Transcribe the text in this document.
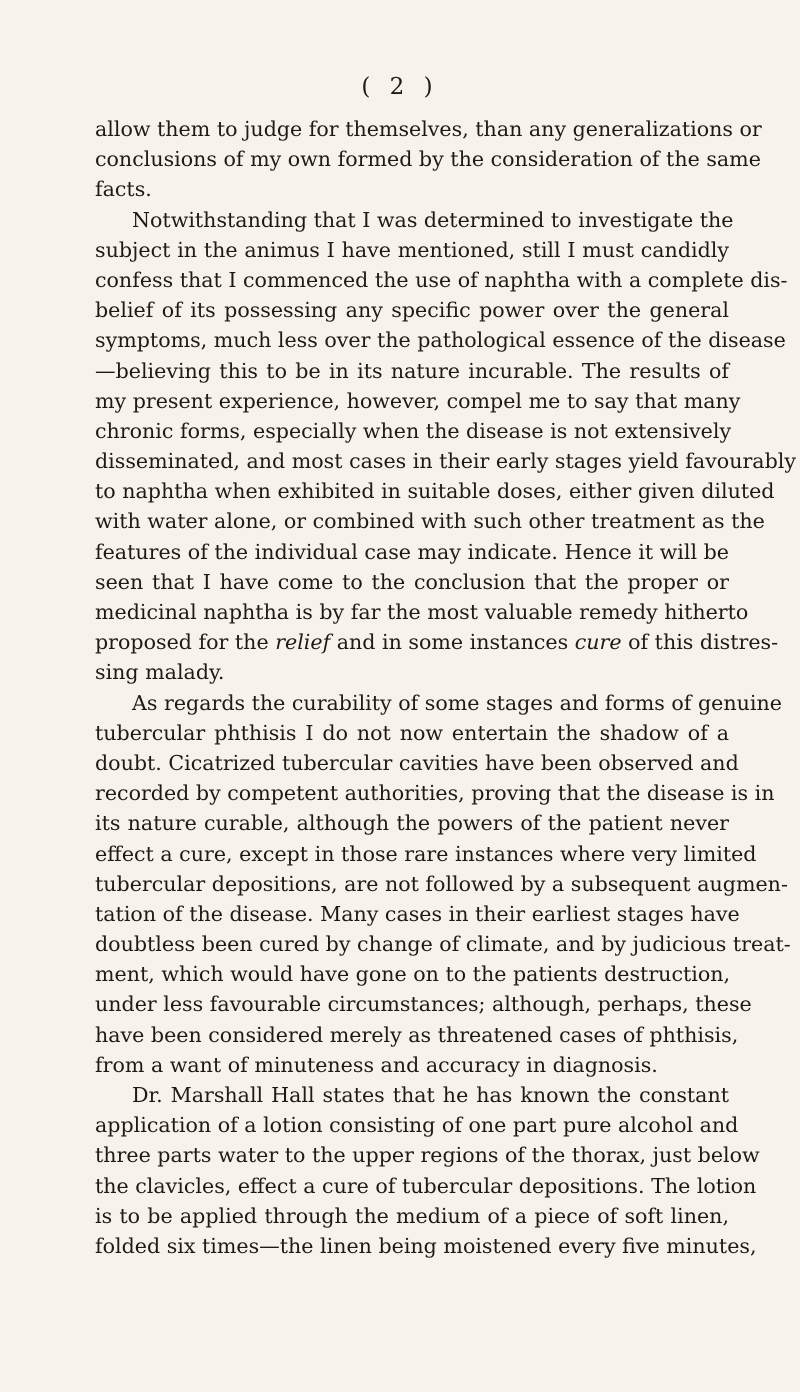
( 2 )
allow them to judge for themselves, than any generalizations or
conclusions of my own formed by the consideration of the same
facts.
Notwithstanding that I was determined to investigate the
subject in the animus I have mentioned, still I must candidly
confess that I commenced the use of naphtha with a complete dis-
belief of its possessing any specific power over the general
symptoms, much less over the pathological essence of the disease
—believing this to be in its nature incurable. The results of
my present experience, however, compel me to say that many
chronic forms, especially when the disease is not extensively
disseminated, and most cases in their early stages yield favourably
to naphtha when exhibited in suitable doses, either given diluted
with water alone, or combined with such other treatment as the
features of the individual case may indicate. Hence it will be
seen that I have come to the conclusion that the proper or
medicinal naphtha is by far the most valuable remedy hitherto
proposed for the relief and in some instances cure of this distres-
sing malady.
As regards the curability of some stages and forms of genuine
tubercular phthisis I do not now entertain the shadow of a
doubt. Cicatrized tubercular cavities have been observed and
recorded by competent authorities, proving that the disease is in
its nature curable, although the powers of the patient never
effect a cure, except in those rare instances where very limited
tubercular depositions, are not followed by a subsequent augmen-
tation of the disease. Many cases in their earliest stages have
doubtless been cured by change of climate, and by judicious treat-
ment, which would have gone on to the patients destruction,
under less favourable circumstances; although, perhaps, these
have been considered merely as threatened cases of phthisis,
from a want of minuteness and accuracy in diagnosis.
Dr. Marshall Hall states that he has known the constant
application of a lotion consisting of one part pure alcohol and
three parts water to the upper regions of the thorax, just below
the clavicles, effect a cure of tubercular depositions. The lotion
is to be applied through the medium of a piece of soft linen,
folded six times—the linen being moistened every five minutes,
